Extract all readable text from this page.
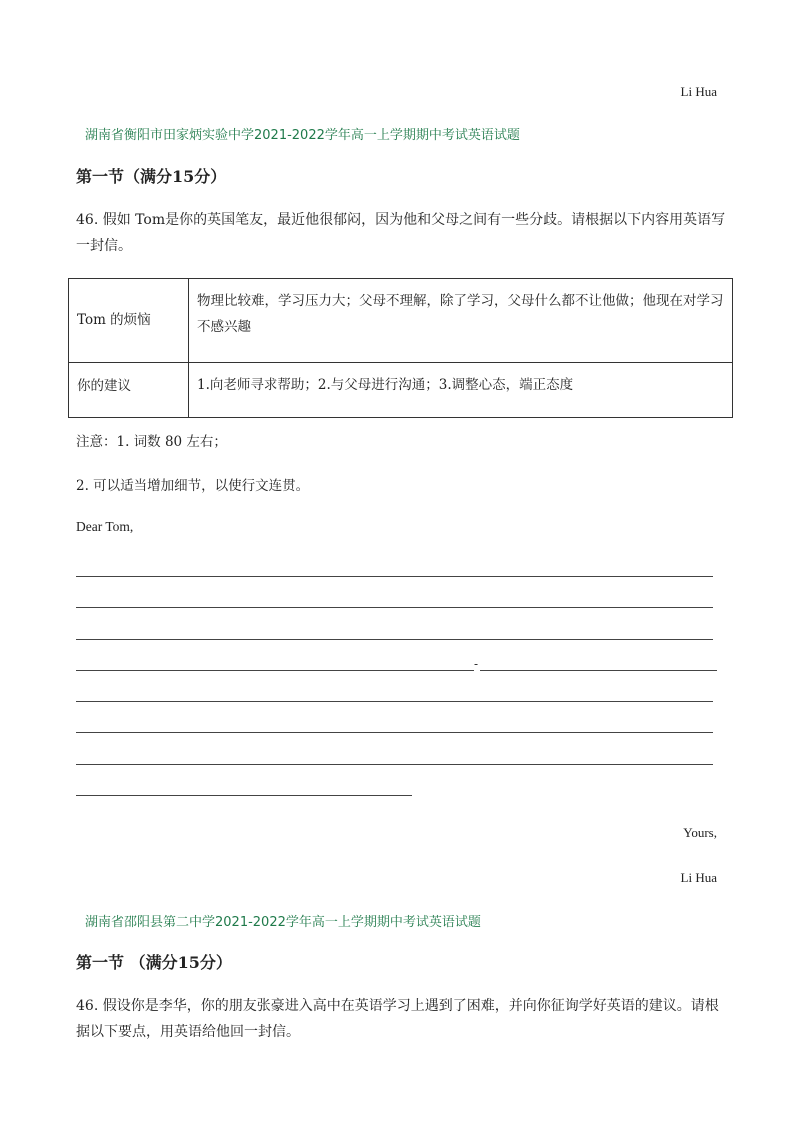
Li Hua
湖南省衡阳市田家炳实验中学2021-2022学年高一上学期期中考试英语试题
第一节（满分15分）
46. 假如 Tom是你的英国笔友，最近他很郁闷，因为他和父母之间有一些分歧。请根据以下内容用英语写一封信。
Tom 的烦恼	物理比较难，学习压力大；父母不理解，除了学习，父母什么都不让他做；他现在对学习不感兴趣
你的建议	1.向老师寻求帮助；2.与父母进行沟通；3.调整心态，端正态度
注意：1. 词数 80 左右；
2. 可以适当增加细节，以使行文连贯。
Dear Tom,
-
Yours,
Li Hua
湖南省邵阳县第二中学2021-2022学年高一上学期期中考试英语试题
第一节 （满分15分）
46. 假设你是李华，你的朋友张豪进入高中在英语学习上遇到了困难，并向你征询学好英语的建议。请根据以下要点，用英语给他回一封信。
